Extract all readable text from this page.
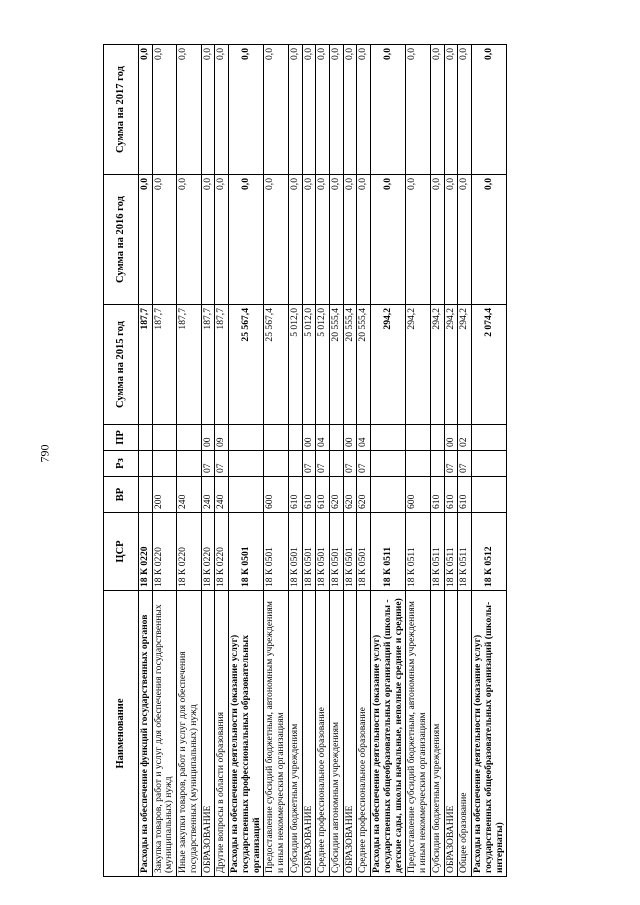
790
Наименование	ЦСР	ВР	Рз	ПР	Сумма на 2015 год	Сумма на 2016 год	Сумма на 2017 год
Расходы на обеспечение функций государственных органов	18 К 0220				187,7	0,0	0,0
Закупка товаров, работ и услуг для обеспечения государственных (муниципальных) нужд	18 К 0220	200			187,7	0,0	0,0
Иные закупки товаров, работ и услуг для обеспечения государственных (муниципальных) нужд	18 К 0220	240			187,7	0,0	0,0
ОБРАЗОВАНИЕ	18 К 0220	240	07	00	187,7	0,0	0,0
Другие вопросы в области образования	18 К 0220	240	07	09	187,7	0,0	0,0
Расходы на обеспечение деятельности (оказание услуг) государственных профессиональных образовательных организаций	18 К 0501				25 567,4	0,0	0,0
Предоставление субсидий бюджетным, автономным учреждениям и иным некоммерческим организациям	18 К 0501	600			25 567,4	0,0	0,0
Субсидии бюджетным учреждениям	18 К 0501	610			5 012,0	0,0	0,0
ОБРАЗОВАНИЕ	18 К 0501	610	07	00	5 012,0	0,0	0,0
Среднее профессиональное образование	18 К 0501	610	07	04	5 012,0	0,0	0,0
Субсидии автономным учреждениям	18 К 0501	620			20 555,4	0,0	0,0
ОБРАЗОВАНИЕ	18 К 0501	620	07	00	20 555,4	0,0	0,0
Среднее профессиональное образование	18 К 0501	620	07	04	20 555,4	0,0	0,0
Расходы на обеспечение деятельности (оказание услуг) государственных общеобразовательных организаций (школы - детские сады, школы начальные, неполные средние и средние)	18 К 0511				294,2	0,0	0,0
Предоставление субсидий бюджетным, автономным учреждениям и иным некоммерческим организациям	18 К 0511	600			294,2	0,0	0,0
Субсидии бюджетным учреждениям	18 К 0511	610			294,2	0,0	0,0
ОБРАЗОВАНИЕ	18 К 0511	610	07	00	294,2	0,0	0,0
Общее образование	18 К 0511	610	07	02	294,2	0,0	0,0
Расходы на обеспечение деятельности (оказание услуг) государственных общеобразовательных организаций (школы-интернаты)	18 К 0512				2 074,4	0,0	0,0
